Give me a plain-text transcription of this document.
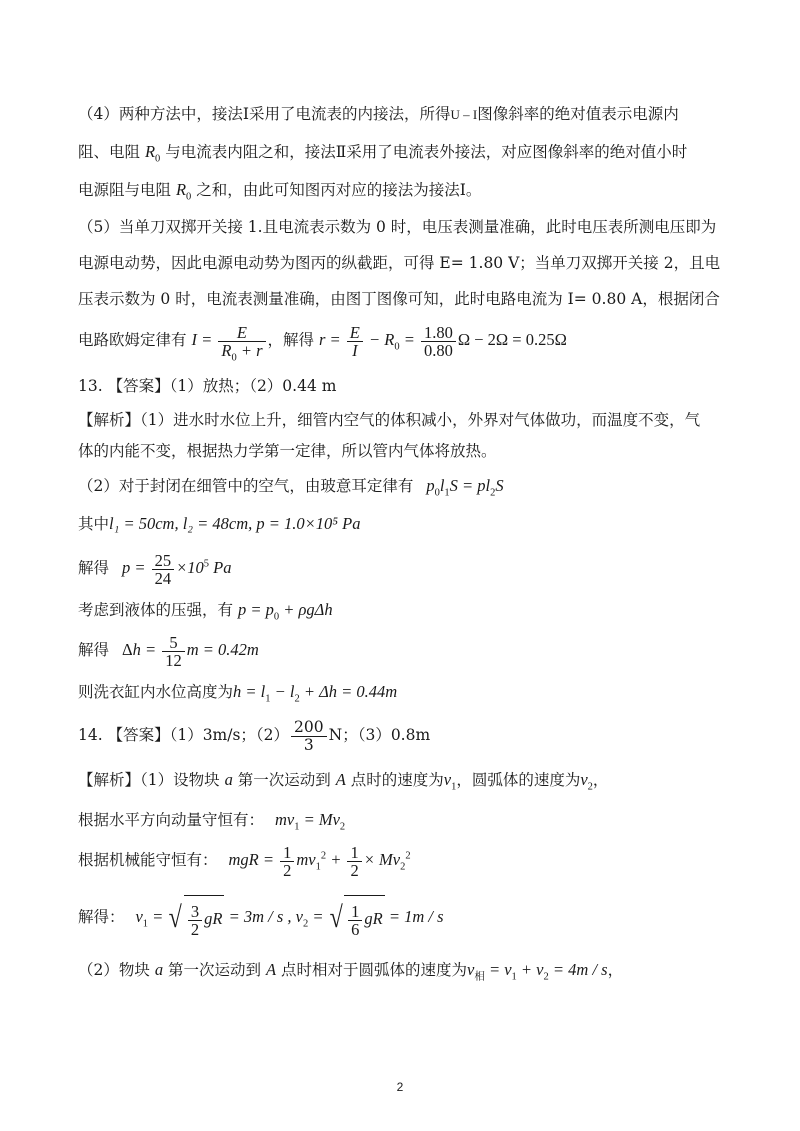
（4）两种方法中，接法Ⅰ采用了电流表的内接法，所得U – I图像斜率的绝对值表示电源内
阻、电阻 $R_0$ 与电流表内阻之和，接法Ⅱ采用了电流表外接法，对应图像斜率的绝对值小时
电源阻与电阻 $R_0$ 之和，由此可知图丙对应的接法为接法Ⅰ。
（5）当单刀双掷开关接 1.且电流表示数为 0 时，电压表测量准确，此时电压表所测电压即为
电源电动势，因此电源电动势为图丙的纵截距，可得 E= 1.80 V；当单刀双掷开关接 2，且电
压表示数为 0 时，电流表测量准确，由图丁图像可知，此时电路电流为 I= 0.80 A，根据闭合
电路欧姆定律有 $I = \frac{E}{R_0 + r}$ ，解得 $r = \frac{E}{I} - R_0 = \frac{1.80}{0.80}$ Ω − 2Ω = 0.25Ω
13. 【答案】（1）放热；（2）0.44 m
【解析】（1）进水时水位上升，细管内空气的体积减小，外界对气体做功，而温度不变，气
体的内能不变，根据热力学第一定律，所以管内气体将放热。
（2）对于封闭在细管中的空气，由玻意耳定律有 $p_0l_1S = pl_2S$
其中l₁ = 50cm, l₂ = 48cm, p = 1.0×10⁵ Pa
解得 $p = \frac{25}{24} \times 10^5$ Pa
考虑到液体的压强，有 $p = p_0 + \rho g\Delta h$
解得 $\Delta h = \frac{5}{12}$ m = 0.42m
则洗衣缸内水位高度为$h = l_1 - l_2 + \Delta h = 0.44m$
14. 【答案】（1）3m/s；$(2) \frac{200}{3}$ N；（3）0.8m
【解析】（1）设物块 a 第一次运动到 A 点时的速度为$v_1$，圆弧体的速度为$v_2$，
根据水平方向动量守恒有： $mv_1 = Mv_2$
根据机械能守恒有： mgR = $\frac{1}{2} mv_1^2 + \frac{1}{2} \times Mv_2^2$
解得： $v_1$ = √ $\frac{3}{2}$ gR = 3m / s , $v_2$ = √ $\frac{1}{6}$ gR = 1m / s
（2）物块 a 第一次运动到 A 点时相对于圆弧体的速度为$v_相 = v_1 + v_2 = 4m / s$，
2
